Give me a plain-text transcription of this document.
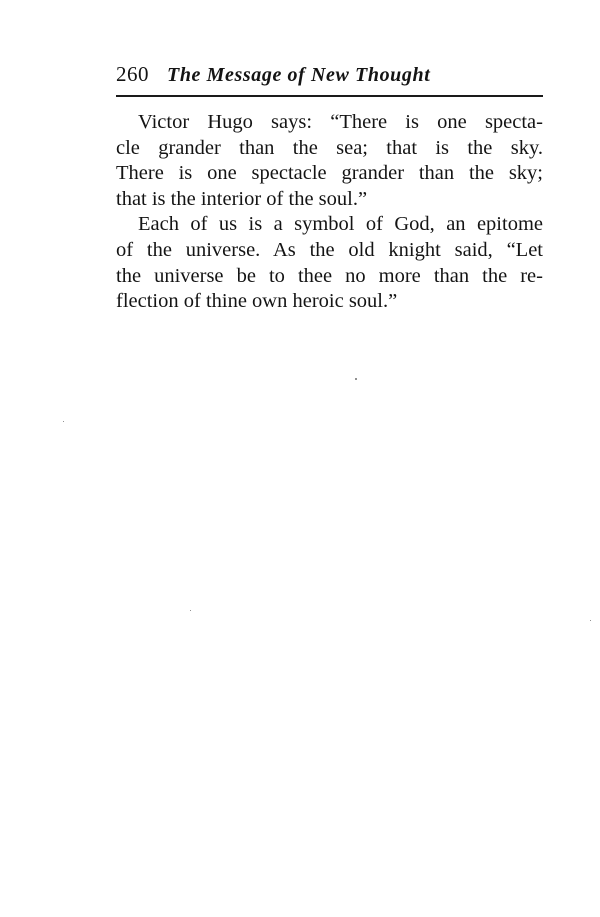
260 The Message of New Thought

Victor Hugo says: “There is one specta-
cle grander than the sea; that is the sky.
There is one spectacle grander than the sky;
that is the interior of the soul.”

Each of us is a symbol of God, an epitome
of the universe. As the old knight said, “Let
the universe be to thee no more than the re-
flection of thine own heroic soul.”
